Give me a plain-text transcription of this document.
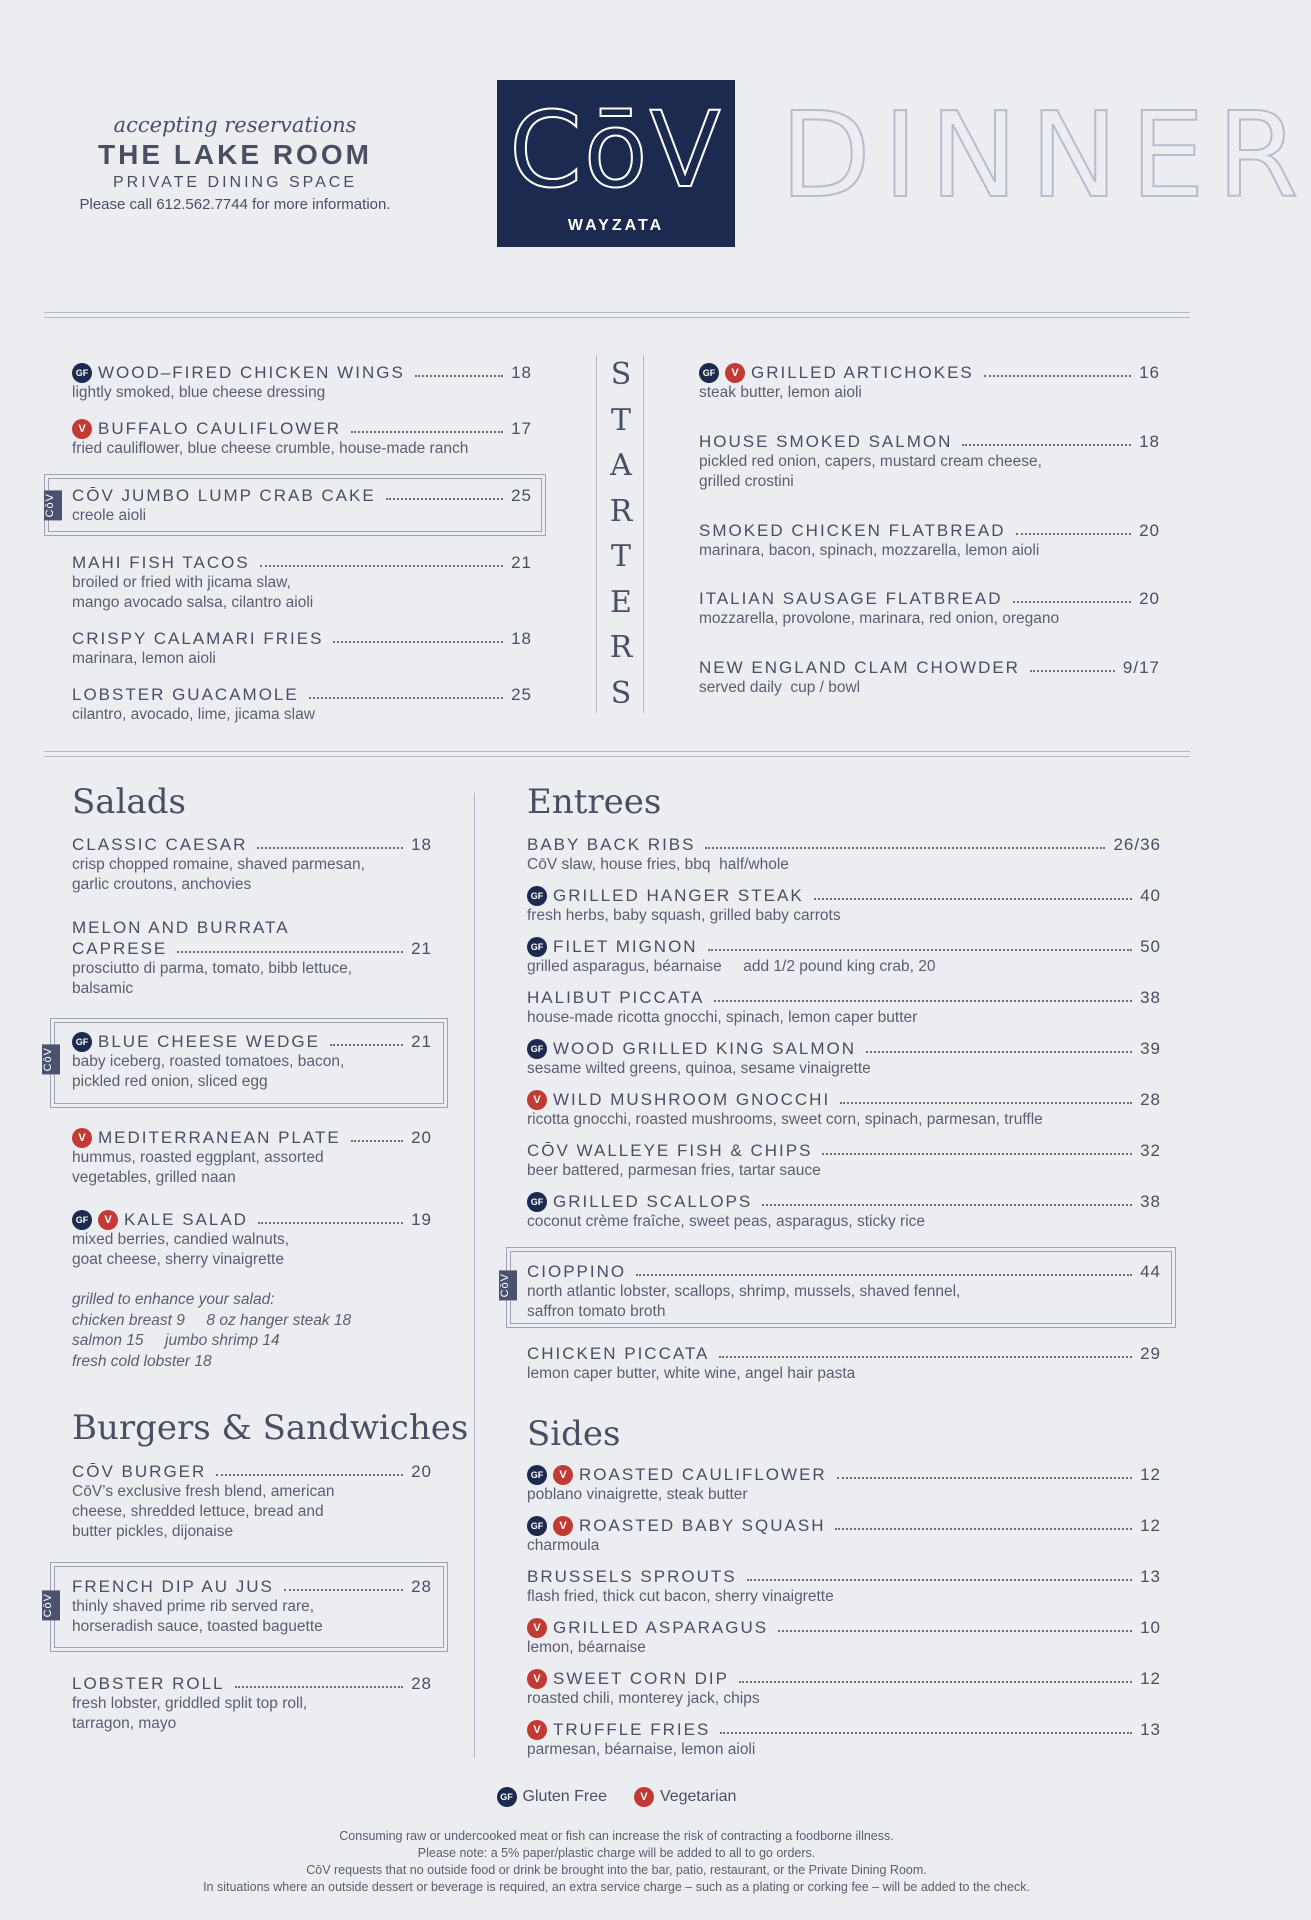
accepting reservations
THE LAKE ROOM
PRIVATE DINING SPACE
Please call 612.562.7744 for more information.	CōV
WAYZATA
DINNER
S
T
A
R
T
E
R
S
Salads
Burgers & Sandwiches
Entrees
Sides
CōV
CōV
CōV
CōV
grilled to enhance your salad:
chicken breast 9     8 oz hanger steak 18
salmon 15     jumbo shrimp 14
fresh cold lobster 18
GF WOOD–FIRED CHICKEN WINGS	18
lightly smoked, blue cheese dressing
V BUFFALO CAULIFLOWER	17
fried cauliflower, blue cheese crumble, house-made ranch
CŌV JUMBO LUMP CRAB CAKE	25
creole aioli
MAHI FISH TACOS	21
broiled or fried with jicama slaw,
mango avocado salsa, cilantro aioli
CRISPY CALAMARI FRIES	18
marinara, lemon aioli
LOBSTER GUACAMOLE	25
cilantro, avocado, lime, jicama slaw
GF	V GRILLED ARTICHOKES	16
steak butter, lemon aioli
HOUSE SMOKED SALMON	18
pickled red onion, capers, mustard cream cheese,
grilled crostini
SMOKED CHICKEN FLATBREAD	20
marinara, bacon, spinach, mozzarella, lemon aioli
ITALIAN SAUSAGE FLATBREAD	20
mozzarella, provolone, marinara, red onion, oregano
NEW ENGLAND CLAM CHOWDER	9/17
served daily  cup / bowl
CLASSIC CAESAR	18
crisp chopped romaine, shaved parmesan,
garlic croutons, anchovies
MELON AND BURRATA
CAPRESE	21
prosciutto di parma, tomato, bibb lettuce,
balsamic
GF BLUE CHEESE WEDGE	21
baby iceberg, roasted tomatoes, bacon,
pickled red onion, sliced egg
V MEDITERRANEAN PLATE	20
hummus, roasted eggplant, assorted
vegetables, grilled naan
GF	V KALE SALAD	19
mixed berries, candied walnuts,
goat cheese, sherry vinaigrette
CŌV BURGER	20
CōV’s exclusive fresh blend, american
cheese, shredded lettuce, bread and
butter pickles, dijonaise
FRENCH DIP AU JUS	28
thinly shaved prime rib served rare,
horseradish sauce, toasted baguette
LOBSTER ROLL	28
fresh lobster, griddled split top roll,
tarragon, mayo
BABY BACK RIBS	26/36
CōV slaw, house fries, bbq  half/whole
GF GRILLED HANGER STEAK	40
fresh herbs, baby squash, grilled baby carrots
GF FILET MIGNON	50
grilled asparagus, béarnaise     add 1/2 pound king crab, 20
HALIBUT PICCATA	38
house-made ricotta gnocchi, spinach, lemon caper butter
GF WOOD GRILLED KING SALMON	39
sesame wilted greens, quinoa, sesame vinaigrette
V WILD MUSHROOM GNOCCHI	28
ricotta gnocchi, roasted mushrooms, sweet corn, spinach, parmesan, truffle
CŌV WALLEYE FISH & CHIPS	32
beer battered, parmesan fries, tartar sauce
GF GRILLED SCALLOPS	38
coconut crème fraîche, sweet peas, asparagus, sticky rice
CIOPPINO	44
north atlantic lobster, scallops, shrimp, mussels, shaved fennel,
saffron tomato broth
CHICKEN PICCATA	29
lemon caper butter, white wine, angel hair pasta
GF	V ROASTED CAULIFLOWER	12
poblano vinaigrette, steak butter
GF	V ROASTED BABY SQUASH	12
charmoula
BRUSSELS SPROUTS	13
flash fried, thick cut bacon, sherry vinaigrette
V GRILLED ASPARAGUS	10
lemon, béarnaise
V SWEET CORN DIP	12
roasted chili, monterey jack, chips
V TRUFFLE FRIES	13
parmesan, béarnaise, lemon aioli
GF Gluten Free	V Vegetarian
Consuming raw or undercooked meat or fish can increase the risk of contracting a foodborne illness.
Please note: a 5% paper/plastic charge will be added to all to go orders.
CōV requests that no outside food or drink be brought into the bar, patio, restaurant, or the Private Dining Room.
In situations where an outside dessert or beverage is required, an extra service charge – such as a plating or corking fee – will be added to the check.
